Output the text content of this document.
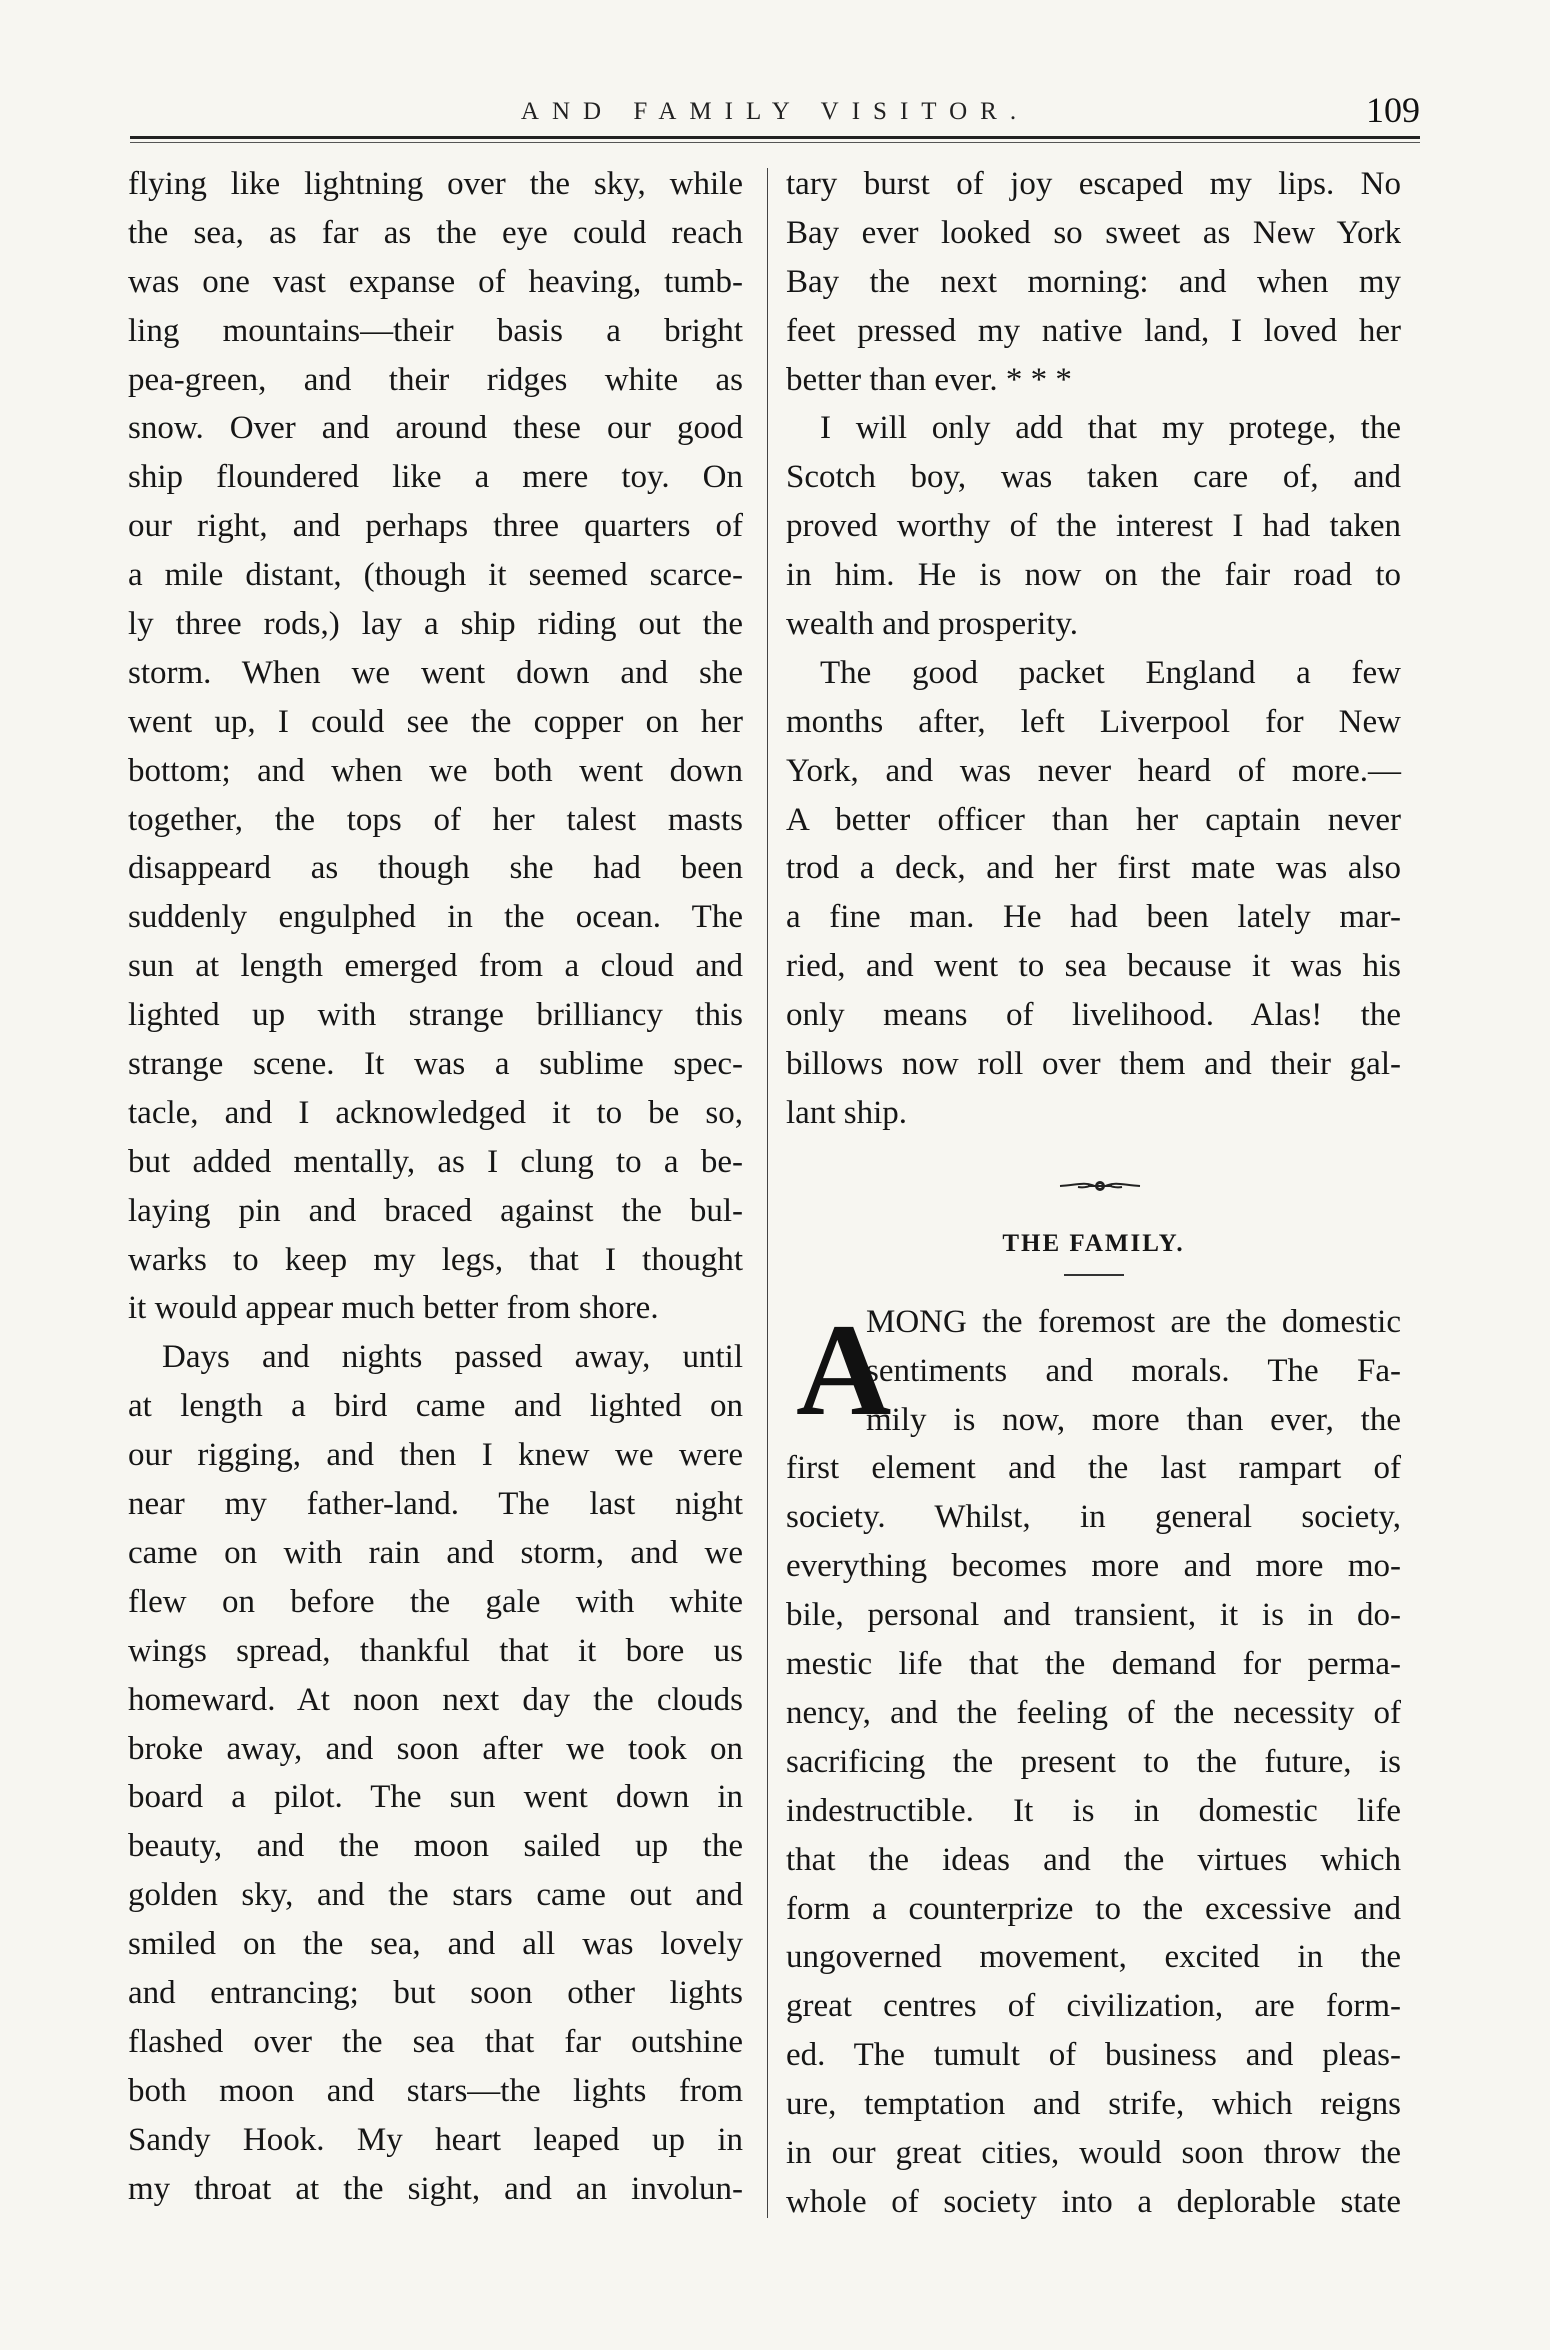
AND FAMILY VISITOR.	109
flying like lightning over the sky, while
the sea, as far as the eye could reach
was one vast expanse of heaving, tumb-
ling mountains—their basis a bright
pea-green, and their ridges white as
snow. Over and around these our good
ship floundered like a mere toy. On
our right, and perhaps three quarters of
a mile distant, (though it seemed scarce-
ly three rods,) lay a ship riding out the
storm. When we went down and she
went up, I could see the copper on her
bottom; and when we both went down
together, the tops of her talest masts
disappeard as though she had been
suddenly engulphed in the ocean. The
sun at length emerged from a cloud and
lighted up with strange brilliancy this
strange scene. It was a sublime spec-
tacle, and I acknowledged it to be so,
but added mentally, as I clung to a be-
laying pin and braced against the bul-
warks to keep my legs, that I thought
it would appear much better from shore.
Days and nights passed away, until
at length a bird came and lighted on
our rigging, and then I knew we were
near my father-land. The last night
came on with rain and storm, and we
flew on before the gale with white
wings spread, thankful that it bore us
homeward. At noon next day the clouds
broke away, and soon after we took on
board a pilot. The sun went down in
beauty, and the moon sailed up the
golden sky, and the stars came out and
smiled on the sea, and all was lovely
and entrancing; but soon other lights
flashed over the sea that far outshine
both moon and stars—the lights from
Sandy Hook. My heart leaped up in
my throat at the sight, and an involun-
tary burst of joy escaped my lips. No
Bay ever looked so sweet as New York
Bay the next morning: and when my
feet pressed my native land, I loved her
better than ever. * * *
I will only add that my protege, the
Scotch boy, was taken care of, and
proved worthy of the interest I had taken
in him. He is now on the fair road to
wealth and prosperity.
The good packet England a few
months after, left Liverpool for New
York, and was never heard of more.—
A better officer than her captain never
trod a deck, and her first mate was also
a fine man. He had been lately mar-
ried, and went to sea because it was his
only means of livelihood. Alas! the
billows now roll over them and their gal-
lant ship.
THE FAMILY.
A
MONG the foremost are the domestic
sentiments and morals. The Fa-
mily is now, more than ever, the
first element and the last rampart of
society. Whilst, in general society,
everything becomes more and more mo-
bile, personal and transient, it is in do-
mestic life that the demand for perma-
nency, and the feeling of the necessity of
sacrificing the present to the future, is
indestructible. It is in domestic life
that the ideas and the virtues which
form a counterprize to the excessive and
ungoverned movement, excited in the
great centres of civilization, are form-
ed. The tumult of business and pleas-
ure, temptation and strife, which reigns
in our great cities, would soon throw the
whole of society into a deplorable state
